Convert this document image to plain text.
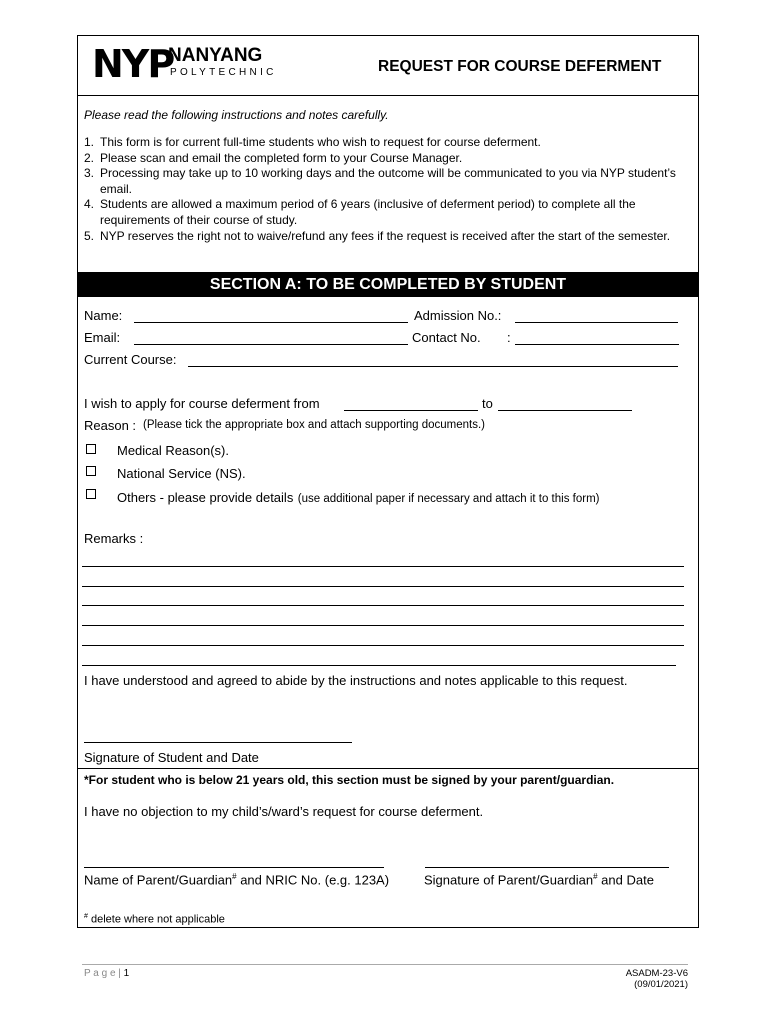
NYP
NANYANG
POLYTECHNIC	REQUEST FOR COURSE DEFERMENT
Please read the following instructions and notes carefully.
1. This form is for current full-time students who wish to request for course deferment.
2. Please scan and email the completed form to your Course Manager.
3. Processing may take up to 10 working days and the outcome will be communicated to you via NYP student’s email.
4. Students are allowed a maximum period of 6 years (inclusive of deferment period) to complete all the requirements of their course of study.
5. NYP reserves the right not to waive/refund any fees if the request is received after the start of the semester.
SECTION A: TO BE COMPLETED BY STUDENT
Name:	Admission No.:
Email:	Contact No. :
Current Course:
I wish to apply for course deferment from	to
Reason : (Please tick the appropriate box and attach supporting documents.)
Medical Reason(s).
National Service (NS).
Others - please provide details (use additional paper if necessary and attach it to this form)
Remarks :
I have understood and agreed to abide by the instructions and notes applicable to this request.
Signature of Student and Date
*For student who is below 21 years old, this section must be signed by your parent/guardian.
I have no objection to my child’s/ward’s request for course deferment.
Name of Parent/Guardian# and NRIC No. (e.g. 123A)	Signature of Parent/Guardian# and Date
# delete where not applicable
P a g e | 1	ASADM-23-V6
(09/01/2021)
